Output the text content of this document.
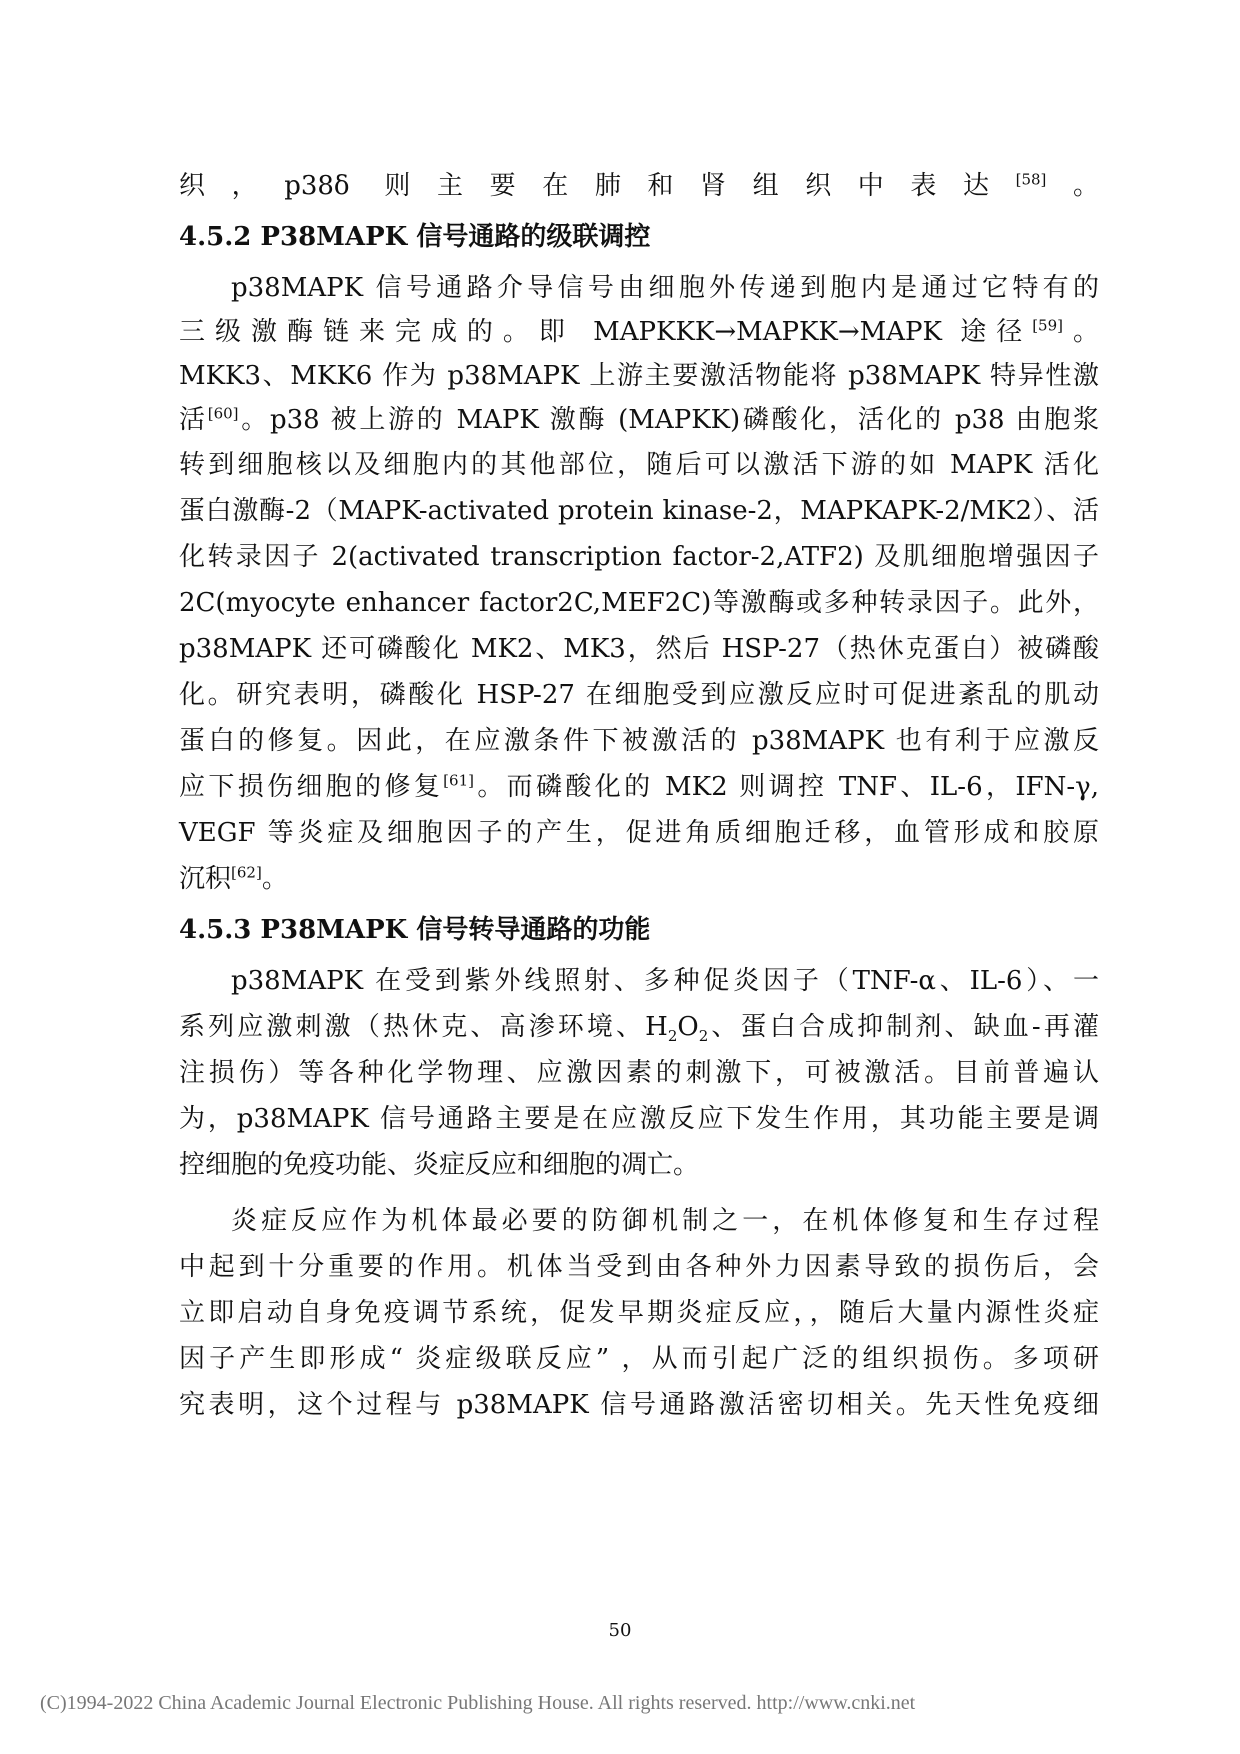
织，p38δ 则主要在肺和肾组织中表达[58]。
4.5.2 P38MAPK 信号通路的级联调控
p38MAPK 信号通路介导信号由细胞外传递到胞内是通过它特有的
三级激酶链来完成的。即 MAPKKK→MAPKK→MAPK 途径[59]。
MKK3、MKK6 作为 p38MAPK 上游主要激活物能将 p38MAPK 特异性激
活[60]。p38 被上游的 MAPK 激酶 (MAPKK)磷酸化，活化的 p38 由胞浆
转到细胞核以及细胞内的其他部位，随后可以激活下游的如 MAPK 活化
蛋白激酶-2（MAPK-activated protein kinase-2，MAPKAPK-2/MK2）、活
化转录因子 2(activated transcription factor-2,ATF2) 及肌细胞增强因子
2C(myocyte enhancer factor2C,MEF2C)等激酶或多种转录因子。此外，
p38MAPK 还可磷酸化 MK2、MK3，然后 HSP-27（热休克蛋白）被磷酸
化。研究表明，磷酸化 HSP-27 在细胞受到应激反应时可促进紊乱的肌动
蛋白的修复。因此，在应激条件下被激活的 p38MAPK 也有利于应激反
应下损伤细胞的修复[61]。而磷酸化的 MK2 则调控 TNF、IL-6，IFN-γ,
VEGF 等炎症及细胞因子的产生，促进角质细胞迁移，血管形成和胶原
沉积[62]。
4.5.3 P38MAPK 信号转导通路的功能
p38MAPK 在受到紫外线照射、多种促炎因子（TNF-α、IL-6）、一
系列应激刺激（热休克、高渗环境、$H_2O_2$、蛋白合成抑制剂、缺血-再灌
注损伤）等各种化学物理、应激因素的刺激下，可被激活。目前普遍认
为，p38MAPK 信号通路主要是在应激反应下发生作用，其功能主要是调
控细胞的免疫功能、炎症反应和细胞的凋亡。
炎症反应作为机体最必要的防御机制之一，在机体修复和生存过程
中起到十分重要的作用。机体当受到由各种外力因素导致的损伤后，会
立即启动自身免疫调节系统，促发早期炎症反应，，随后大量内源性炎症
因子产生即形成“ 炎症级联反应” ，从而引起广泛的组织损伤。多项研
究表明，这个过程与 p38MAPK 信号通路激活密切相关。先天性免疫细
50
(C)1994-2022 China Academic Journal Electronic Publishing House. All rights reserved. http://www.cnki.net
